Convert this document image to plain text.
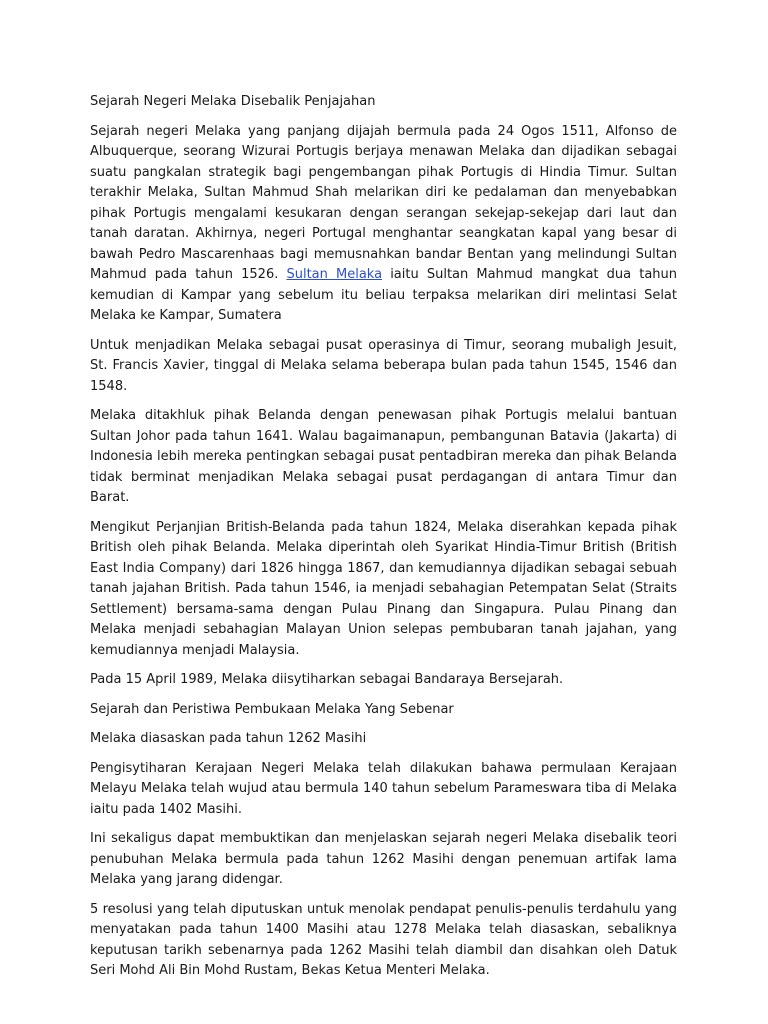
Sejarah Negeri Melaka Disebalik Penjajahan

Sejarah negeri Melaka yang panjang dijajah bermula pada 24 Ogos 1511, Alfonso de Albuquerque, seorang Wizurai Portugis berjaya menawan Melaka dan dijadikan sebagai suatu pangkalan strategik bagi pengembangan pihak Portugis di Hindia Timur. Sultan terakhir Melaka, Sultan Mahmud Shah melarikan diri ke pedalaman dan menyebabkan pihak Portugis mengalami kesukaran dengan serangan sekejap-sekejap dari laut dan tanah daratan. Akhirnya, negeri Portugal menghantar seangkatan kapal yang besar di bawah Pedro Mascarenhaas bagi memusnahkan bandar Bentan yang melindungi Sultan Mahmud pada tahun 1526. Sultan Melaka iaitu Sultan Mahmud mangkat dua tahun kemudian di Kampar yang sebelum itu beliau terpaksa melarikan diri melintasi Selat Melaka ke Kampar, Sumatera

Untuk menjadikan Melaka sebagai pusat operasinya di Timur, seorang mubaligh Jesuit, St. Francis Xavier, tinggal di Melaka selama beberapa bulan pada tahun 1545, 1546 dan 1548.

Melaka ditakhluk pihak Belanda dengan penewasan pihak Portugis melalui bantuan Sultan Johor pada tahun 1641. Walau bagaimanapun, pembangunan Batavia (Jakarta) di Indonesia lebih mereka pentingkan sebagai pusat pentadbiran mereka dan pihak Belanda tidak berminat menjadikan Melaka sebagai pusat perdagangan di antara Timur dan Barat.

Mengikut Perjanjian British-Belanda pada tahun 1824, Melaka diserahkan kepada pihak British oleh pihak Belanda. Melaka diperintah oleh Syarikat Hindia-Timur British (British East India Company) dari 1826 hingga 1867, dan kemudiannya dijadikan sebagai sebuah tanah jajahan British. Pada tahun 1546, ia menjadi sebahagian Petempatan Selat (Straits Settlement) bersama-sama dengan Pulau Pinang dan Singapura. Pulau Pinang dan Melaka menjadi sebahagian Malayan Union selepas pembubaran tanah jajahan, yang kemudiannya menjadi Malaysia.

Pada 15 April 1989, Melaka diisytiharkan sebagai Bandaraya Bersejarah.

Sejarah dan Peristiwa Pembukaan Melaka Yang Sebenar

Melaka diasaskan pada tahun 1262 Masihi

Pengisytiharan Kerajaan Negeri Melaka telah dilakukan bahawa permulaan Kerajaan Melayu Melaka telah wujud atau bermula 140 tahun sebelum Parameswara tiba di Melaka iaitu pada 1402 Masihi.

Ini sekaligus dapat membuktikan dan menjelaskan sejarah negeri Melaka disebalik teori penubuhan Melaka bermula pada tahun 1262 Masihi dengan penemuan artifak lama Melaka yang jarang didengar.

5 resolusi yang telah diputuskan untuk menolak pendapat penulis-penulis terdahulu yang menyatakan pada tahun 1400 Masihi atau 1278 Melaka telah diasaskan, sebaliknya keputusan tarikh sebenarnya pada 1262 Masihi telah diambil dan disahkan oleh Datuk Seri Mohd Ali Bin Mohd Rustam, Bekas Ketua Menteri Melaka.
